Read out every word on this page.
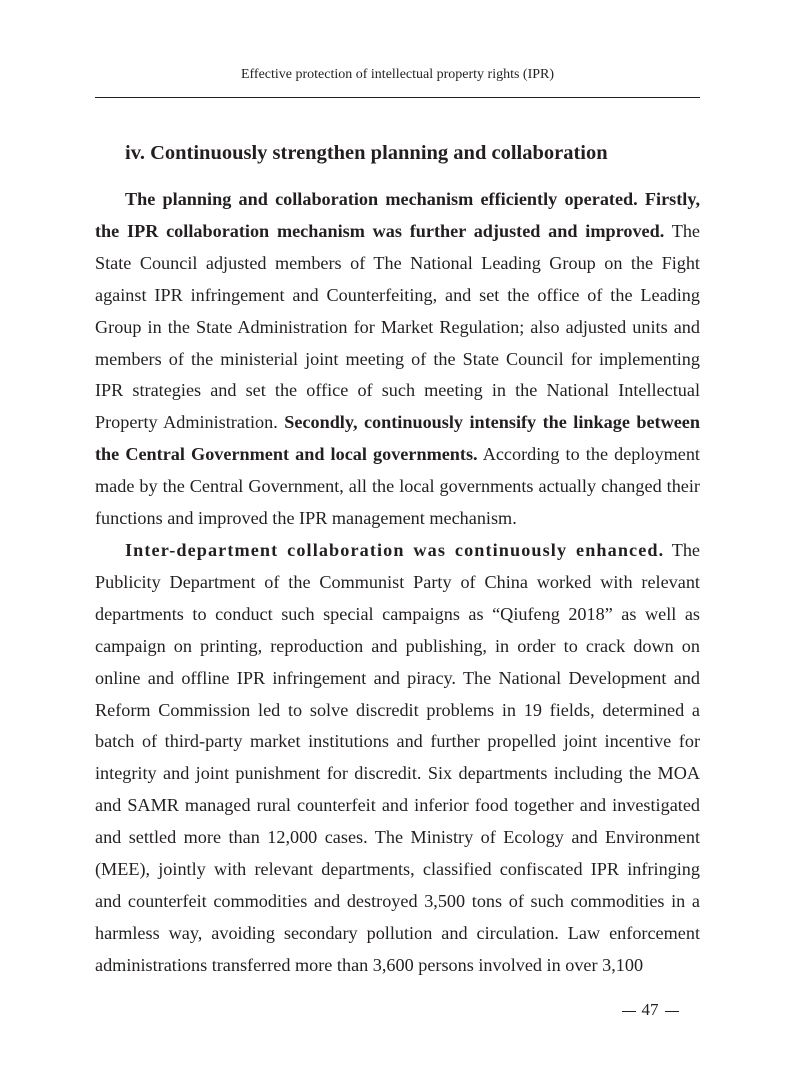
Effective protection of intellectual property rights (IPR)
iv. Continuously strengthen planning and collaboration

The planning and collaboration mechanism efficiently operated. Firstly, the IPR collaboration mechanism was further adjusted and improved. The State Council adjusted members of The National Leading Group on the Fight against IPR infringement and Counterfeiting, and set the office of the Leading Group in the State Administration for Market Regulation; also adjusted units and members of the ministerial joint meeting of the State Council for implementing IPR strategies and set the office of such meeting in the National Intellectual Property Administration. Secondly, continuously intensify the linkage between the Central Government and local governments. According to the deployment made by the Central Government, all the local governments actually changed their functions and improved the IPR management mechanism.

Inter-department collaboration was continuously enhanced. The Publicity Department of the Communist Party of China worked with relevant departments to conduct such special campaigns as “Qiufeng 2018” as well as campaign on printing, reproduction and publishing, in order to crack down on online and offline IPR infringement and piracy. The National Development and Reform Commission led to solve discredit problems in 19 fields, determined a batch of third-party market institutions and further propelled joint incentive for integrity and joint punishment for discredit. Six departments including the MOA and SAMR managed rural counterfeit and inferior food together and investigated and settled more than 12,000 cases. The Ministry of Ecology and Environment (MEE), jointly with relevant departments, classified confiscated IPR infringing and counterfeit commodities and destroyed 3,500 tons of such commodities in a harmless way, avoiding secondary pollution and circulation. Law enforcement administrations transferred more than 3,600 persons involved in over 3,100

47
